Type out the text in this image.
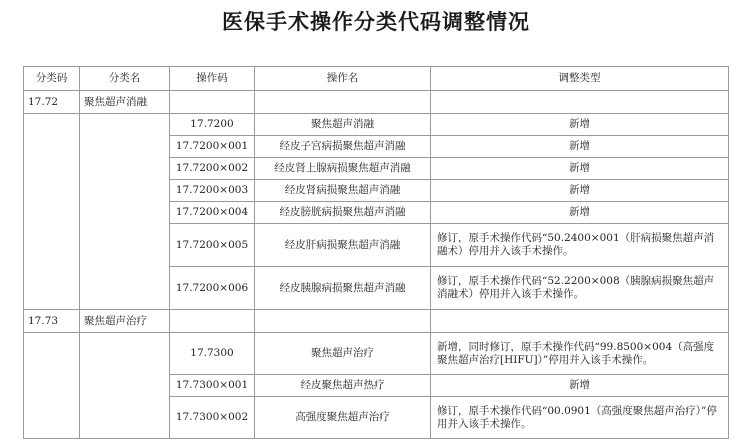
医保手术操作分类代码调整情况
分类码	分类名	操作码	操作名	调整类型
17.72	聚焦超声消融			
		17.7200	聚焦超声消融	新增
		17.7200×001	经皮子宫病损聚焦超声消融	新增
		17.7200×002	经皮肾上腺病损聚焦超声消融	新增
		17.7200×003	经皮肾病损聚焦超声消融	新增
		17.7200×004	经皮膀胱病损聚焦超声消融	新增
		17.7200×005	经皮肝病损聚焦超声消融	修订，原手术操作代码“50.2400×001（肝病损聚焦超声消融术）停用并入该手术操作。
		17.7200×006	经皮胰腺病损聚焦超声消融	修订，原手术操作代码“52.2200×008（胰腺病损聚焦超声消融术）停用并入该手术操作。
17.73	聚焦超声治疗			
		17.7300	聚焦超声治疗	新增，同时修订，原手术操作代码“99.8500×004（高强度聚焦超声治疗[HIFU]）”停用并入该手术操作。
		17.7300×001	经皮聚焦超声热疗	新增
		17.7300×002	高强度聚焦超声治疗	修订，原手术操作代码“00.0901（高强度聚焦超声治疗）”停用并入该手术操作。
